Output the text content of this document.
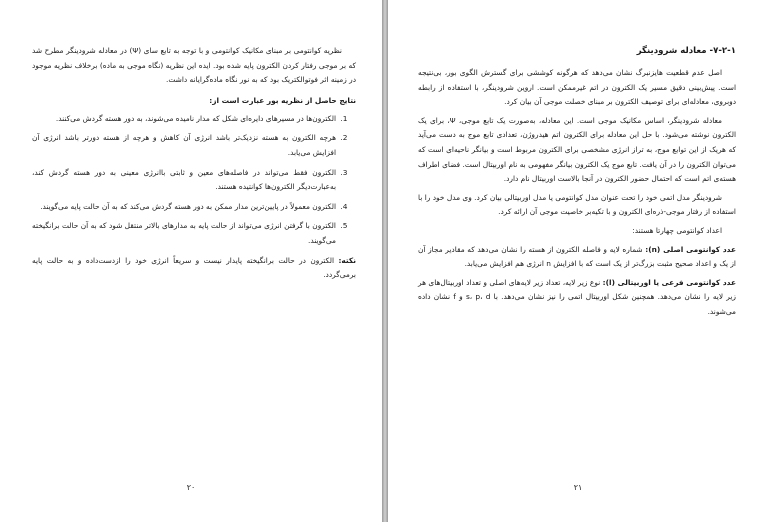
نظریه کوانتومی بر مبنای مکانیک کوانتومی و با توجه به تابع سای (Ψ) در معادله شرودینگر مطرح شد که بر موجی رفتار کردن الکترون پایه شده بود. ایده این نظریه (نگاه موجی به ماده) برخلاف نظریه موجود در زمینه اثر فوتوالکتریک بود که به نور نگاه ماده‌گرایانه داشت.

نتایج حاصل از نظریه بور عبارت است از:

1. الکترون‌ها در مسیرهای دایره‌ای شکل که مدار نامیده می‌شوند، به دور هسته گردش می‌کنند.
2. هرچه الکترون به هسته نزدیک‌تر باشد انرژی آن کاهش و هرچه از هسته دورتر باشد انرژی آن افزایش می‌یابد.
3. الکترون فقط می‌تواند در فاصله‌های معین و ثابتی باانرژی معینی به دور هسته گردش کند، به‌عبارت‌دیگر الکترون‌ها کوانتیده هستند.
4. الکترون معمولاً در پایین‌ترین مدار ممکن به دور هسته گردش می‌کند که به آن حالت پایه می‌گویند.
5. الکترون با گرفتن انرژی می‌تواند از حالت پایه به مدارهای بالاتر منتقل شود که به آن حالت برانگیخته می‌گویند.

نکته: الکترون در حالت برانگیخته پایدار نیست و سریعاً انرژی خود را ازدست‌داده و به حالت پایه برمی‌گردد.

۲۰

۷-۲-۱- معادله شرودینگر

اصل عدم قطعیت هایزنبرگ نشان می‌دهد که هرگونه کوششی برای گسترش الگوی بور، بی‌نتیجه است. پیش‌بینی دقیق مسیر یک الکترون در اتم غیرممکن است. اروین شرودینگر، با استفاده از رابطه دوبروی، معادله‌ای برای توصیف الکترون بر مبنای خصلت موجی آن بیان کرد.

معادله شرودینگر، اساس مکانیک موجی است. این معادله، به‌صورت یک تابع موجی، Ψ، برای یک الکترون نوشته می‌شود. با حل این معادله برای الکترون اتم هیدروژن، تعدادی تابع موج به دست می‌آید که هریک از این توابع موج، به تراز انرژی مشخصی برای الکترون مربوط است و بیانگر ناحیه‌ای است که می‌توان الکترون را در آن یافت. تابع موج یک الکترون بیانگر مفهومی به نام اوربیتال است. فضای اطراف هسته‌ی اتم است که احتمال حضور الکترون در آنجا بالاست اوربیتال نام دارد.

شرودینگر مدل اتمی خود را تحت عنوان مدل کوانتومی یا مدل اوربیتالی بیان کرد. وی مدل خود را با استفاده از رفتار موجی-ذره‌ای الکترون و با تکیه‌بر خاصیت موجی آن ارائه کرد.

اعداد کوانتومی چهارتا هستند:

عدد کوانتومی اصلی (n): شماره لایه و فاصله الکترون از هسته را نشان می‌دهد که مقادیر مجاز آن از یک و اعداد صحیح مثبت بزرگ‌تر از یک است که با افزایش n انرژی هم افزایش می‌یابد.

عدد کوانتومی فرعی یا اوربیتالی (l): نوع زیر لایه، تعداد زیر لایه‌های اصلی و تعداد اوربیتال‌های هر زیر لایه را نشان می‌دهد. همچنین شکل اوربیتال اتمی را نیز نشان می‌دهد. با s، p، d و f نشان داده می‌شوند.

۲۱
